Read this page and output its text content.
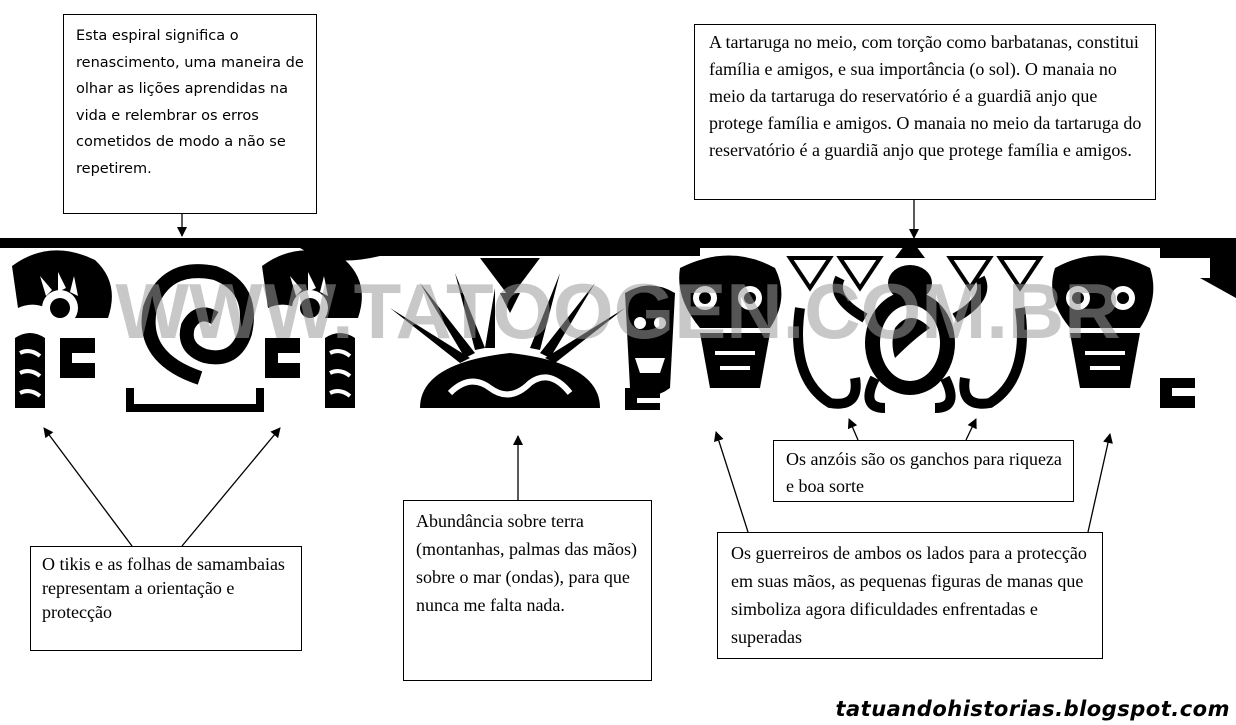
WWW.TATOOGEN.COM.BR

Esta espiral significa o renascimento, uma maneira de olhar as lições aprendidas na vida e relembrar os erros cometidos de modo a não se repetirem.

A tartaruga no meio, com torção como barbatanas, constitui família e amigos, e sua importância (o sol). O manaia no meio da tartaruga do reservatório é a guardiã anjo que protege família e amigos. O manaia no meio da tartaruga do reservatório é a guardiã anjo que protege família e amigos.

Os anzóis são os ganchos para riqueza e boa sorte

O tikis e as folhas de samambaias representam a orientação e protecção

Abundância sobre terra (montanhas, palmas das mãos) sobre o mar (ondas), para que nunca me falta nada.

Os guerreiros de ambos os lados para a protecção em suas mãos, as pequenas figuras de manas que simboliza agora dificuldades enfrentadas e superadas

tatuandohistorias.blogspot.com
